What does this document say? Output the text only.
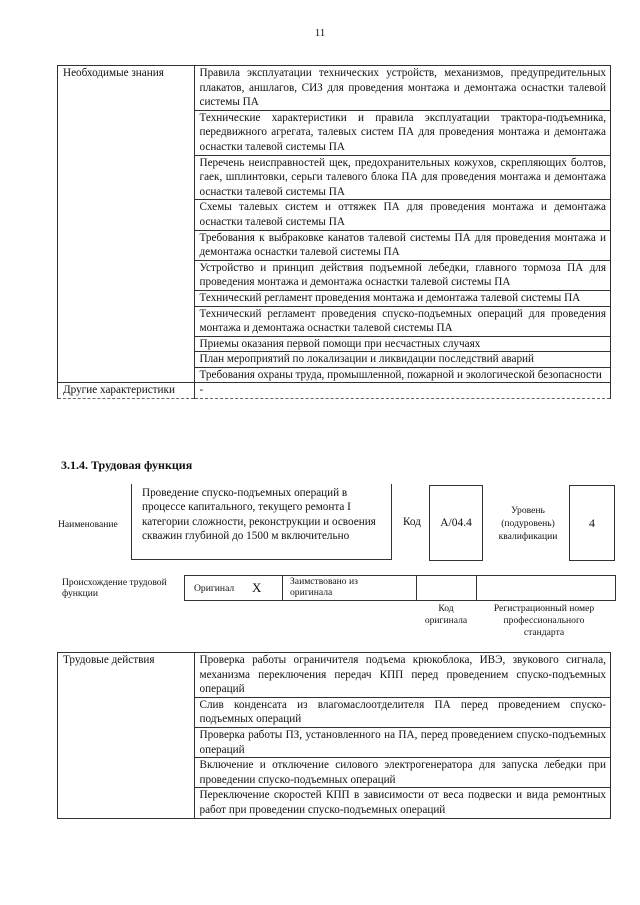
11
Необходимые знания	Правила эксплуатации технических устройств, механизмов, предупредительных плакатов, аншлагов, СИЗ для проведения монтажа и демонтажа оснастки талевой системы ПА
	Технические характеристики и правила эксплуатации трактора-подъемника, передвижного агрегата, талевых систем ПА для проведения монтажа и демонтажа оснастки талевой системы ПА
	Перечень неисправностей щек, предохранительных кожухов, скрепляющих болтов, гаек, шплинтовки, серьги талевого блока ПА для проведения монтажа и демонтажа оснастки талевой системы ПА
	Схемы талевых систем и оттяжек ПА для проведения монтажа и демонтажа оснастки талевой системы ПА
	Требования к выбраковке канатов талевой системы ПА для проведения монтажа и демонтажа оснастки талевой системы ПА
	Устройство и принцип действия подъемной лебедки, главного тормоза ПА для проведения монтажа и демонтажа оснастки талевой системы ПА
	Технический регламент проведения монтажа и демонтажа талевой системы ПА
	Технический регламент проведения спуско-подъемных операций для проведения монтажа и демонтажа оснастки талевой системы ПА
	Приемы оказания первой помощи при несчастных случаях
	План мероприятий по локализации и ликвидации последствий аварий
	Требования охраны труда, промышленной, пожарной и экологической безопасности
Другие характеристики	-
3.1.4. Трудовая функция
Наименование
Проведение спуско-подъемных операций в процессе капитального, текущего ремонта I категории сложности, реконструкции и освоения скважин глубиной до 1500 м включительно
Код	A/04.4
Уровень (подуровень) квалификации
4
Происхождение трудовой функции	Оригинал X	Заимствовано из оригинала
Код оригинала
Регистрационный номер профессионального стандарта
Трудовые действия	Проверка работы ограничителя подъема крюкоблока, ИВЭ, звукового сигнала, механизма переключения передач КПП перед проведением спуско-подъемных операций
Слив конденсата из влагомаслоотделителя ПА перед проведением спуско-подъемных операций
Проверка работы ПЗ, установленного на ПА, перед проведением спуско-подъемных операций
Включение и отключение силового электрогенератора для запуска лебедки при проведении спуско-подъемных операций
Переключение скоростей КПП в зависимости от веса подвески и вида ремонтных работ при проведении спуско-подъемных операций
